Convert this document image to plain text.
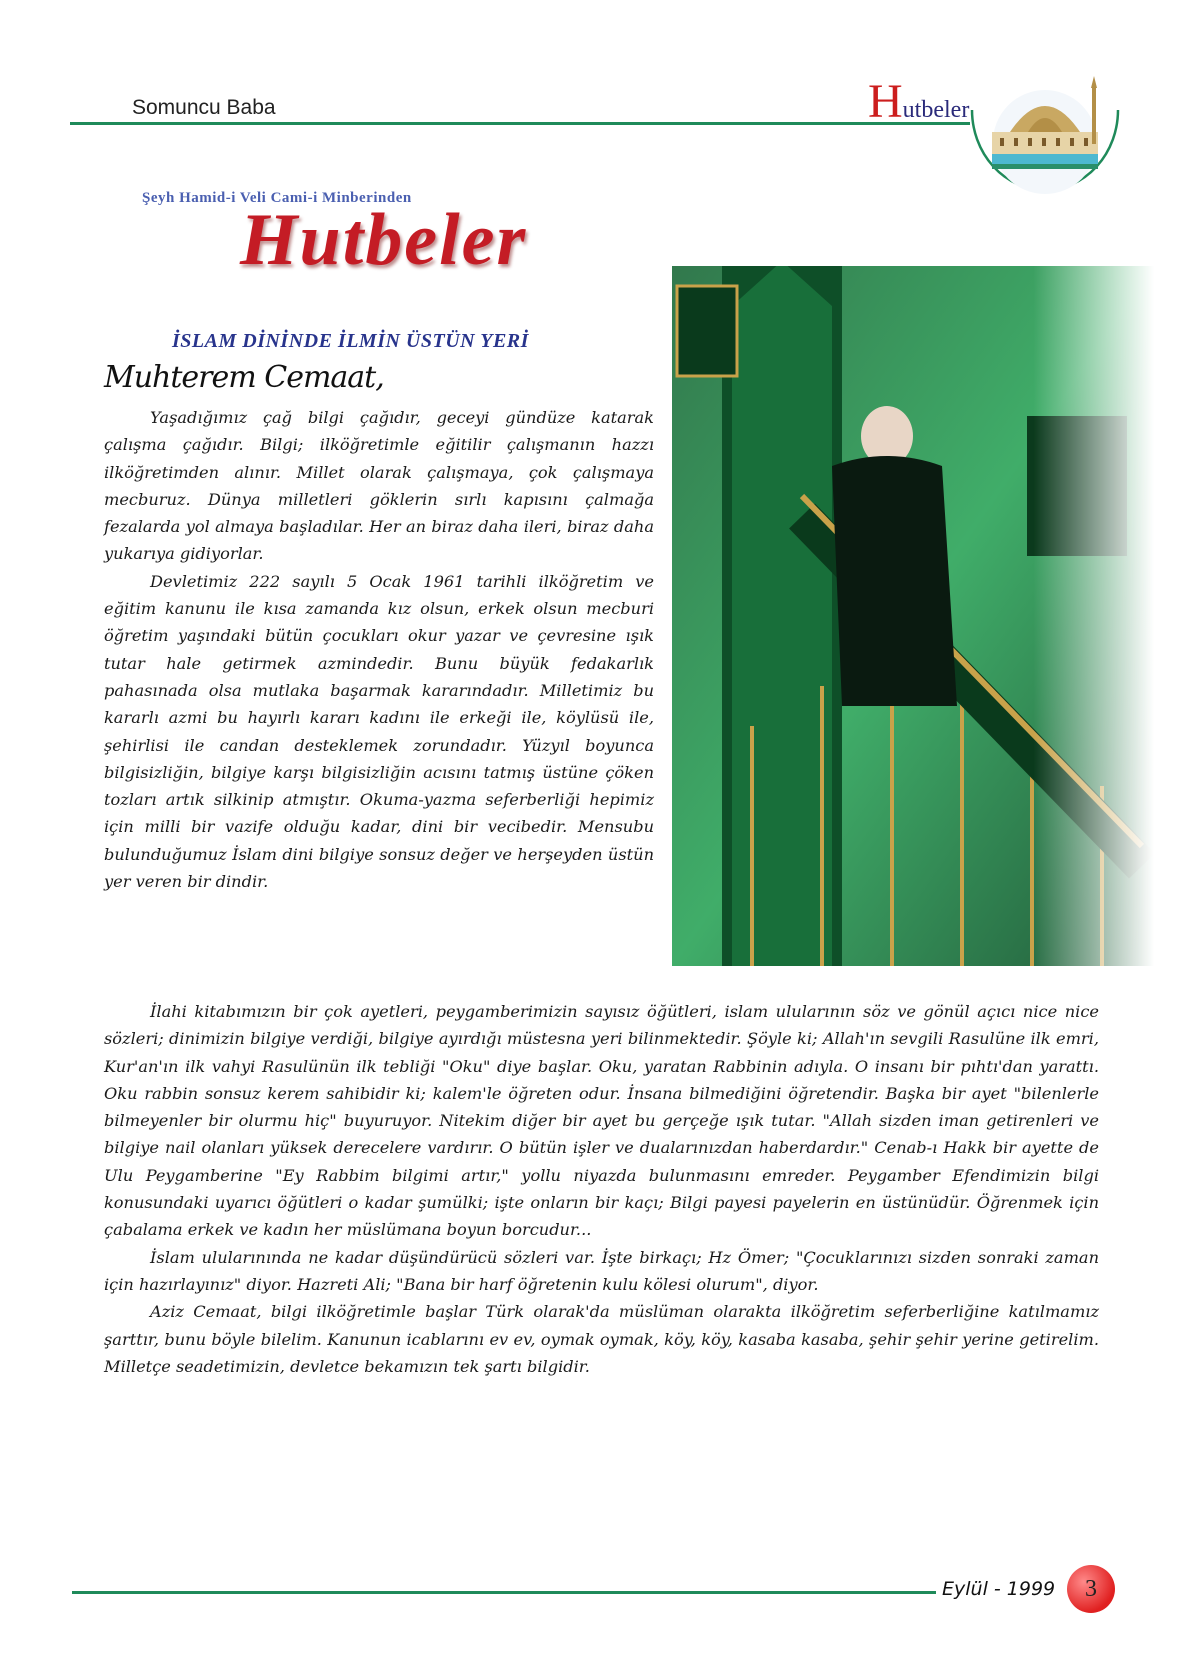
Somuncu Baba	Hutbeler
Şeyh Hamid-i Veli Cami-i Minberinden
Hutbeler
İSLAM DİNİNDE İLMİN ÜSTÜN YERİ
Muhterem Cemaat,

Yaşadığımız çağ bilgi çağıdır, geceyi gündüze katarak çalışma çağıdır. Bilgi; ilköğretimle eğitilir çalışmanın hazzı ilköğretimden alınır. Millet olarak çalışmaya, çok çalışmaya mecburuz. Dünya milletleri göklerin sırlı kapısını çalmağa fezalarda yol almaya başladılar. Her an biraz daha ileri, biraz daha yukarıya gidiyorlar.

Devletimiz 222 sayılı 5 Ocak 1961 tarihli ilköğretim ve eğitim kanunu ile kısa zamanda kız olsun, erkek olsun mecburi öğretim yaşındaki bütün çocukları okur yazar ve çevresine ışık tutar hale getirmek azmindedir. Bunu büyük fedakarlık pahasınada olsa mutlaka başarmak kararındadır. Milletimiz bu kararlı azmi bu hayırlı kararı kadını ile erkeği ile, köylüsü ile, şehirlisi ile candan desteklemek zorundadır. Yüzyıl boyunca bilgisizliğin, bilgiye karşı bilgisizliğin acısını tatmış üstüne çöken tozları artık silkinip atmıştır. Okuma-yazma seferberliği hepimiz için milli bir vazife olduğu kadar, dini bir vecibedir. Mensubu bulunduğumuz İslam dini bilgiye sonsuz değer ve herşeyden üstün yer veren bir dindir.

İlahi kitabımızın bir çok ayetleri, peygamberimizin sayısız öğütleri, islam ulularının söz ve gönül açıcı nice nice sözleri; dinimizin bilgiye verdiği, bilgiye ayırdığı müstesna yeri bilinmektedir. Şöyle ki; Allah'ın sevgili Rasulüne ilk emri, Kur'an'ın ilk vahyi Rasulünün ilk tebliği "Oku" diye başlar. Oku, yaratan Rabbinin adıyla. O insanı bir pıhtı'dan yarattı. Oku rabbin sonsuz kerem sahibidir ki; kalem'le öğreten odur. İnsana bilmediğini öğretendir. Başka bir ayet "bilenlerle bilmeyenler bir olurmu hiç" buyuruyor. Nitekim diğer bir ayet bu gerçeğe ışık tutar. "Allah sizden iman getirenleri ve bilgiye nail olanları yüksek derecelere vardırır. O bütün işler ve dualarınızdan haberdardır." Cenab-ı Hakk bir ayette de Ulu Peygamberine "Ey Rabbim bilgimi artır," yollu niyazda bulunmasını emreder. Peygamber Efendimizin bilgi konusundaki uyarıcı öğütleri o kadar şumülki; işte onların bir kaçı; Bilgi payesi payelerin en üstünüdür. Öğrenmek için çabalama erkek ve kadın her müslümana boyun borcudur...

İslam ulularınında ne kadar düşündürücü sözleri var. İşte birkaçı; Hz Ömer; "Çocuklarınızı sizden sonraki zaman için hazırlayınız" diyor. Hazreti Ali; "Bana bir harf öğretenin kulu kölesi olurum", diyor.

Aziz Cemaat, bilgi ilköğretimle başlar Türk olarak'da müslüman olarakta ilköğretim seferberliğine katılmamız şarttır, bunu böyle bilelim. Kanunun icablarını ev ev, oymak oymak, köy, köy, kasaba kasaba, şehir şehir yerine getirelim. Milletçe seadetimizin, devletce bekamızın tek şartı bilgidir.

Eylül - 1999 3
